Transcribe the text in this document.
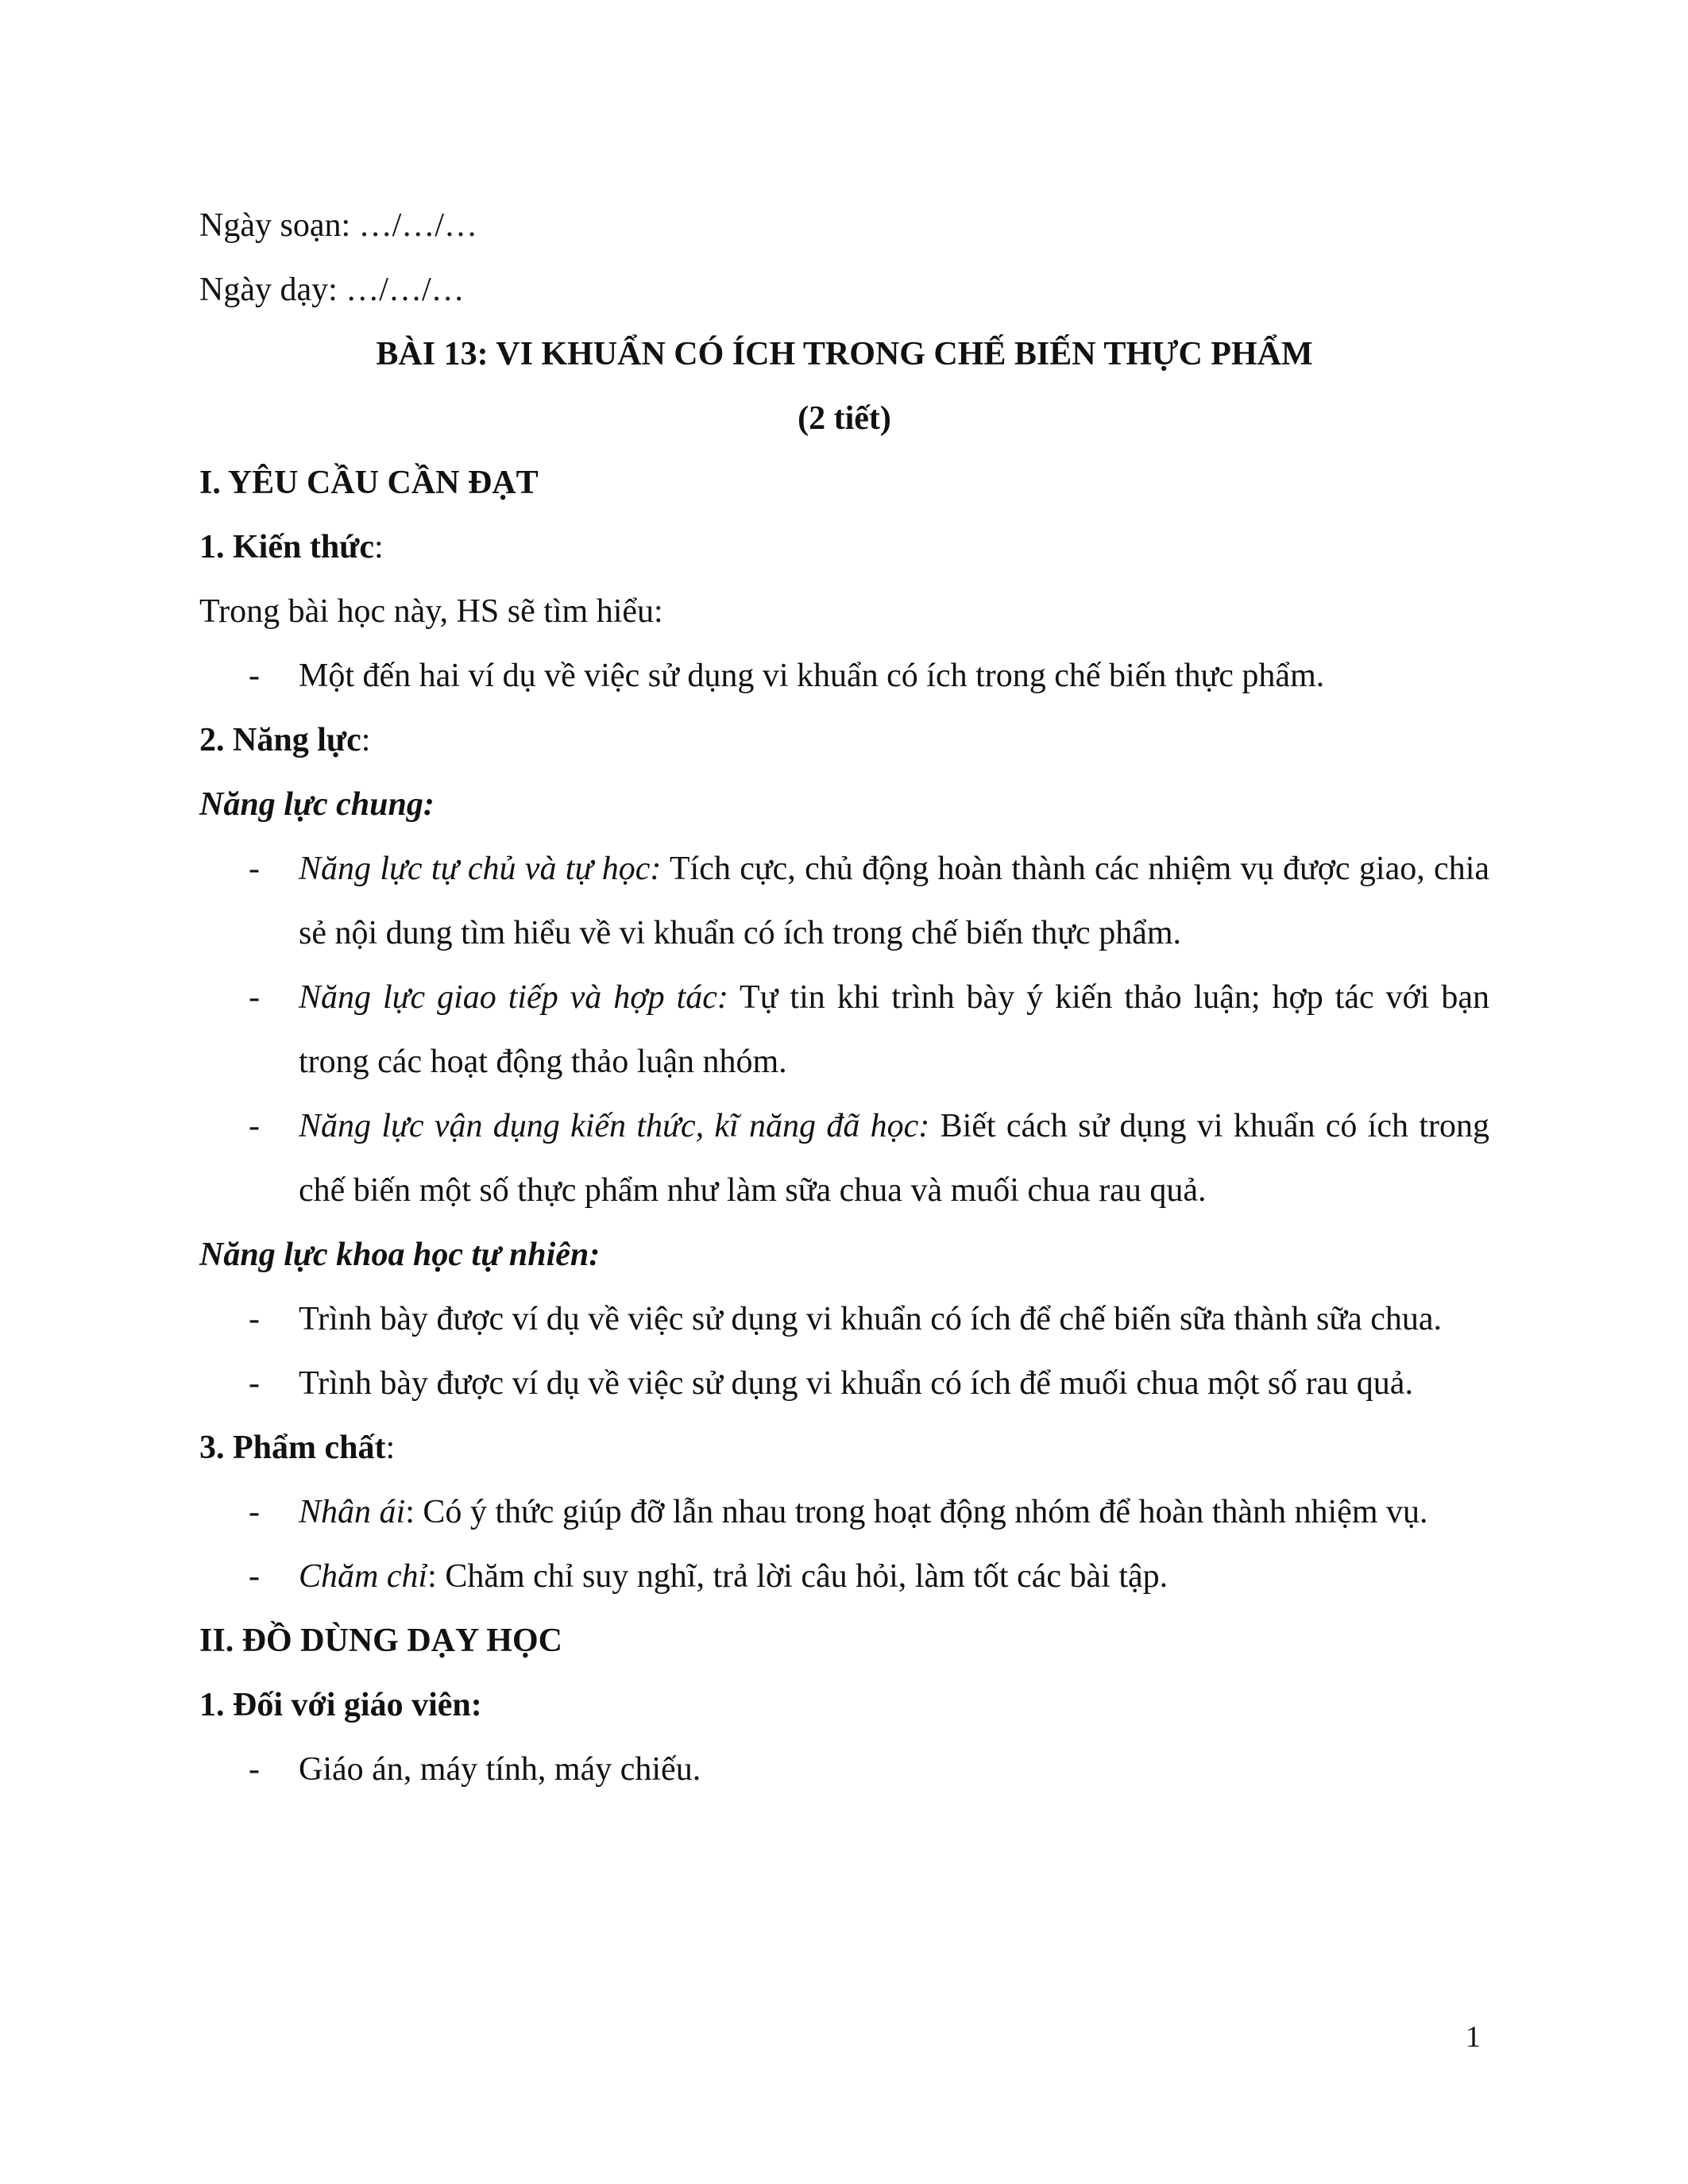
Ngày soạn: …/…/…

Ngày dạy: …/…/…

BÀI 13: VI KHUẨN CÓ ÍCH TRONG CHẾ BIẾN THỰC PHẨM

(2 tiết)

I. YÊU CẦU CẦN ĐẠT

1. Kiến thức:

Trong bài học này, HS sẽ tìm hiểu:

- Một đến hai ví dụ về việc sử dụng vi khuẩn có ích trong chế biến thực phẩm.

2. Năng lực:

Năng lực chung:

- Năng lực tự chủ và tự học: Tích cực, chủ động hoàn thành các nhiệm vụ được giao, chia sẻ nội dung tìm hiểu về vi khuẩn có ích trong chế biến thực phẩm.
- Năng lực giao tiếp và hợp tác: Tự tin khi trình bày ý kiến thảo luận; hợp tác với bạn trong các hoạt động thảo luận nhóm.
- Năng lực vận dụng kiến thức, kĩ năng đã học: Biết cách sử dụng vi khuẩn có ích trong chế biến một số thực phẩm như làm sữa chua và muối chua rau quả.

Năng lực khoa học tự nhiên:

- Trình bày được ví dụ về việc sử dụng vi khuẩn có ích để chế biến sữa thành sữa chua.
- Trình bày được ví dụ về việc sử dụng vi khuẩn có ích để muối chua một số rau quả.

3. Phẩm chất:

- Nhân ái: Có ý thức giúp đỡ lẫn nhau trong hoạt động nhóm để hoàn thành nhiệm vụ.
- Chăm chỉ: Chăm chỉ suy nghĩ, trả lời câu hỏi, làm tốt các bài tập.

II. ĐỒ DÙNG DẠY HỌC

1. Đối với giáo viên:

- Giáo án, máy tính, máy chiếu.
1
